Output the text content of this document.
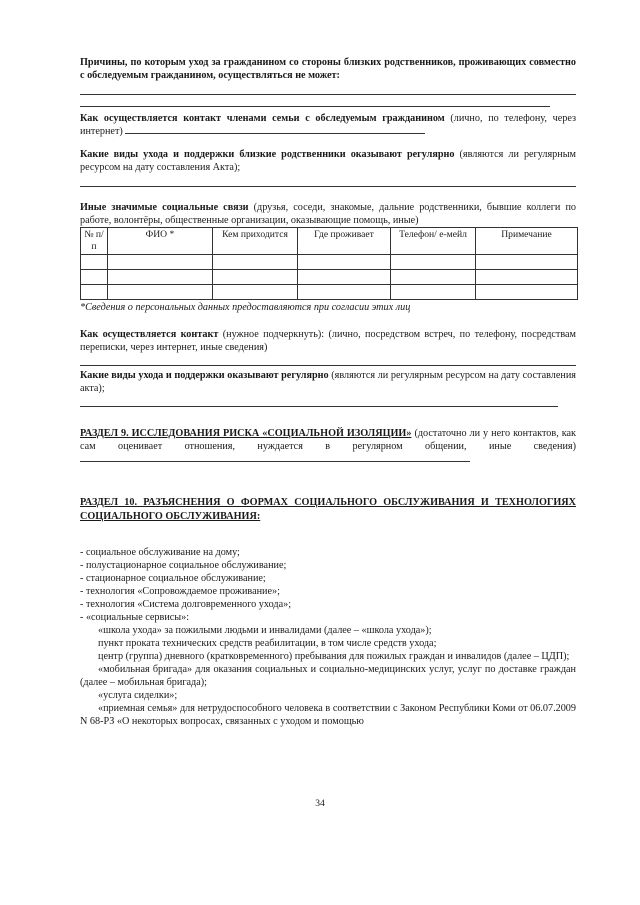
Причины, по которым уход за гражданином со стороны близких родственников, проживающих совместно с обследуемым гражданином, осуществляться не может:

Как осуществляется контакт членами семьи с обследуемым гражданином (лично, по телефону, через интернет)

Какие виды ухода и поддержки близкие родственники оказывают регулярно (являются ли регулярным ресурсом на дату составления Акта);

Иные значимые социальные связи (друзья, соседи, знакомые, дальние родственники, бывшие коллеги по работе, волонтёры, общественные организации, оказывающие помощь, иные)

№ п/п	ФИО *	Кем приходится	Где проживает	Телефон/ е-мейл	Примечание

*Сведения о персональных данных предоставляются при согласии этих лиц

Как осуществляется контакт (нужное подчеркнуть): (лично, посредством встреч, по телефону, посредствам переписки, через интернет, иные сведения)

Какие виды ухода и поддержки оказывают регулярно (являются ли регулярным ресурсом на дату составления акта);

РАЗДЕЛ 9. ИССЛЕДОВАНИЯ РИСКА «СОЦИАЛЬНОЙ ИЗОЛЯЦИИ» (достаточно ли у него контактов, как сам оценивает отношения, нуждается в регулярном общении, иные сведения)

РАЗДЕЛ 10. РАЗЪЯСНЕНИЯ О ФОРМАХ СОЦИАЛЬНОГО ОБСЛУЖИВАНИЯ И ТЕХНОЛОГИЯХ СОЦИАЛЬНОГО ОБСЛУЖИВАНИЯ:

- социальное обслуживание на дому;
- полустационарное социальное обслуживание;
- стационарное социальное обслуживание;
- технология «Сопровождаемое проживание»;
- технология «Система долговременного ухода»;
- «социальные сервисы»:

«школа ухода» за пожилыми людьми и инвалидами (далее – «школа ухода»);

пункт проката технических средств реабилитации, в том числе средств ухода;

центр (группа) дневного (кратковременного) пребывания для пожилых граждан и инвалидов (далее – ЦДП);

«мобильная бригада» для оказания социальных и социально-медицинских услуг, услуг по доставке граждан (далее – мобильная бригада);

«услуга сиделки»;

«приемная семья» для нетрудоспособного человека в соответствии с Законом Республики Коми от 06.07.2009 N 68-РЗ «О некоторых вопросах, связанных с уходом и помощью

34
